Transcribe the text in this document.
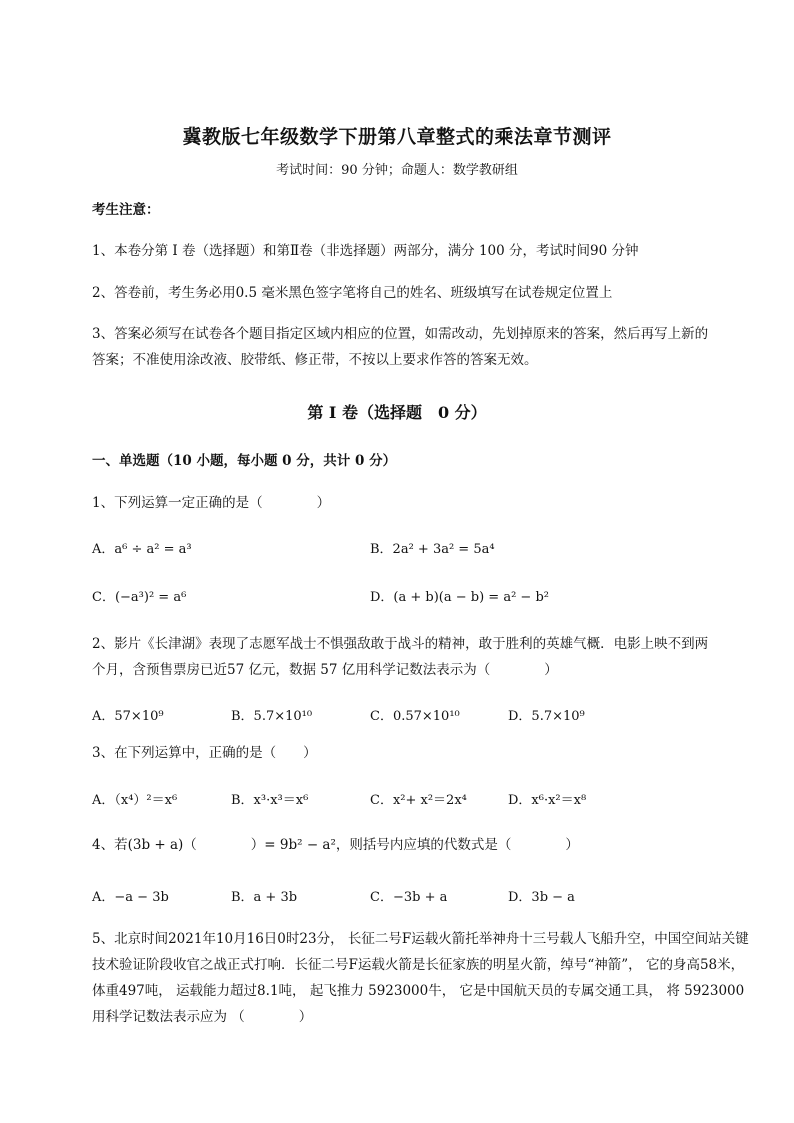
冀教版七年级数学下册第八章整式的乘法章节测评
考试时间：90 分钟；命题人：数学教研组
考生注意：
1、本卷分第 I 卷（选择题）和第Ⅱ卷（非选择题）两部分，满分 100 分，考试时间90 分钟
2、答卷前，考生务必用0.5 毫米黑色签字笔将自己的姓名、班级填写在试卷规定位置上
3、答案必须写在试卷各个题目指定区域内相应的位置，如需改动，先划掉原来的答案，然后再写上新的答案；不准使用涂改液、胶带纸、修正带，不按以上要求作答的答案无效。
第 I 卷（选择题　0 分）
一、单选题（10 小题，每小题 0 分，共计 0 分）
1、下列运算一定正确的是（　　　　）
A．a⁶ ÷ a² = a³	B．2a² + 3a² = 5a⁴
C．(−a³)² = a⁶	D．(a + b)(a − b) = a² − b²
2、影片《长津湖》表现了志愿军战士不惧强敌敢于战斗的精神，敢于胜利的英雄气概．电影上映不到两个月，含预售票房已近57 亿元，数据 57 亿用科学记数法表示为（　　　　）
A．57×10⁹	B．5.7×10¹⁰	C．0.57×10¹⁰	D．5.7×10⁹
3、在下列运算中，正确的是（　　）
A．（x⁴）²＝x⁶	B．x³·x³＝x⁶	C．x²+ x²＝2x⁴	D．x⁶·x²＝x⁸
4、若(3b + a)（　　　　）= 9b² − a²，则括号内应填的代数式是（　　　　）
A．−a − 3b	B．a + 3b	C．−3b + a	D．3b − a
5、北京时间2021年10月16日0时23分， 长征二号F运载火箭托举神舟十三号载人飞船升空，中国空间站关键技术验证阶段收官之战正式打响．长征二号F运载火箭是长征家族的明星火箭，绰号“神箭”， 它的身高58米， 体重497吨， 运载能力超过8.1吨， 起飞推力 5923000牛， 它是中国航天员的专属交通工具， 将 5923000 用科学记数法表示应为 （　　　　）
